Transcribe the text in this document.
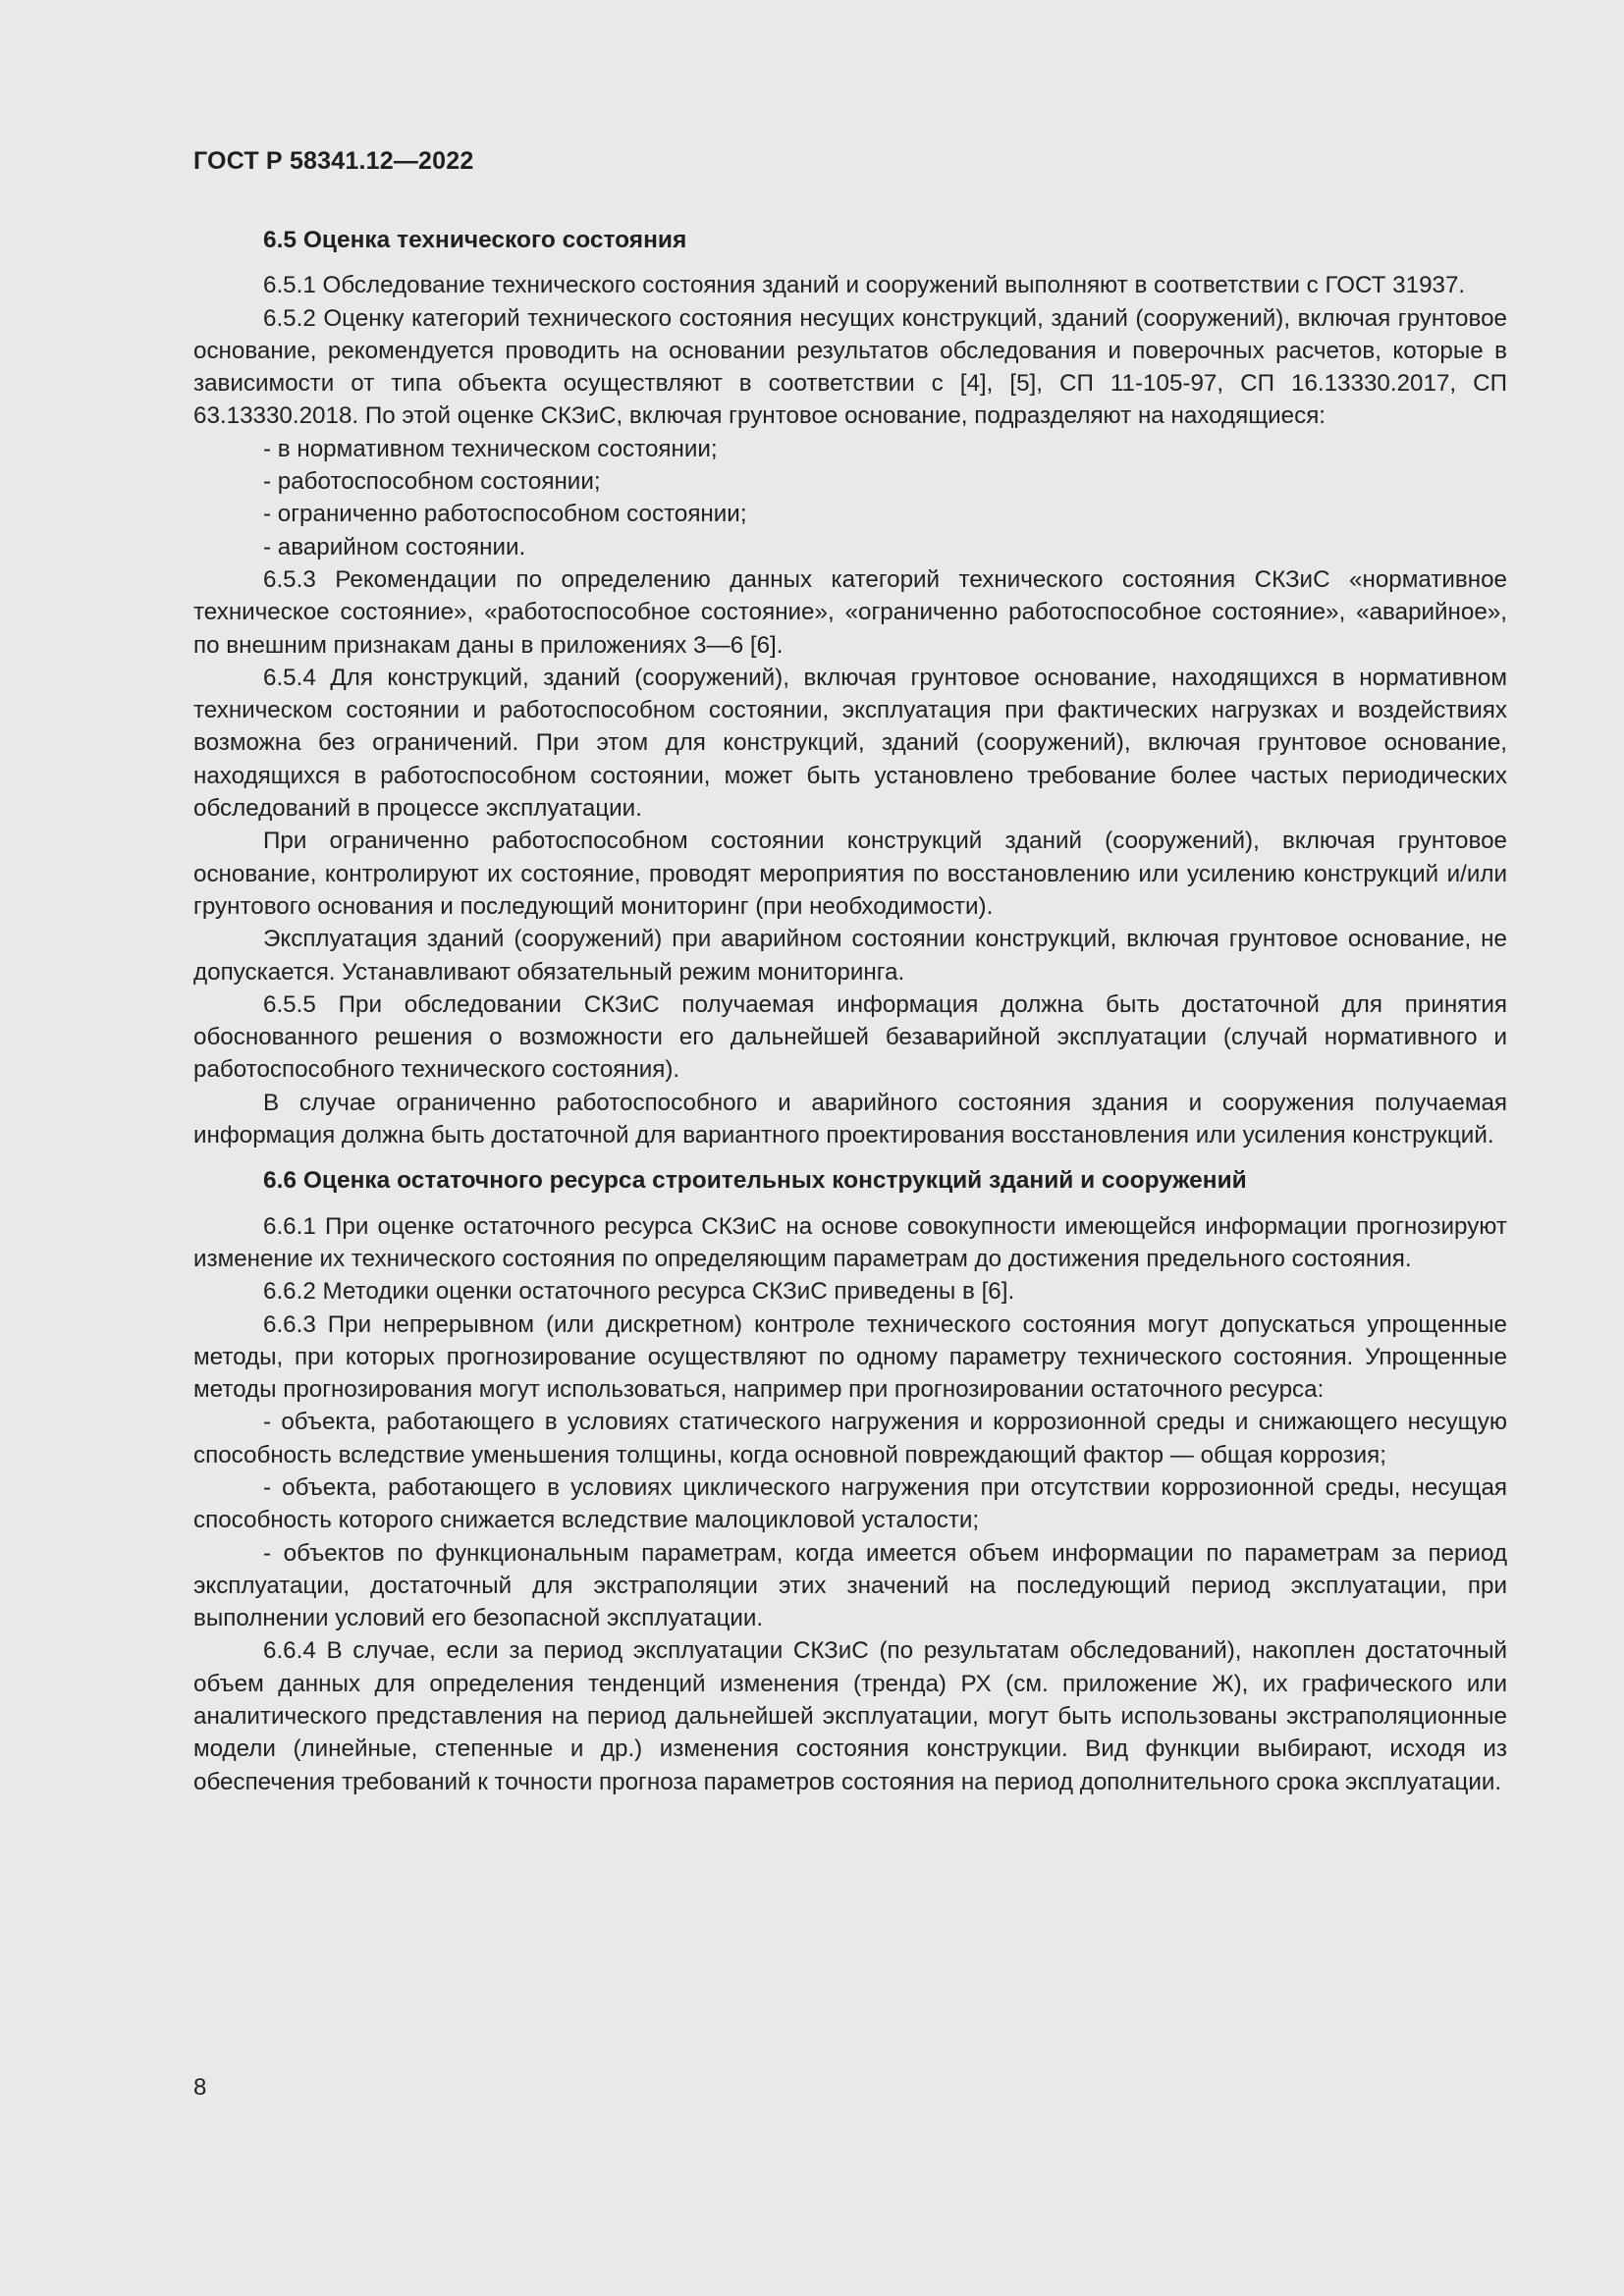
ГОСТ Р 58341.12—2022

6.5 Оценка технического состояния

6.5.1 Обследование технического состояния зданий и сооружений выполняют в соответствии с ГОСТ 31937.

6.5.2 Оценку категорий технического состояния несущих конструкций, зданий (сооружений), включая грунтовое основание, рекомендуется проводить на основании результатов обследования и поверочных расчетов, которые в зависимости от типа объекта осуществляют в соответствии с [4], [5], СП 11-105-97, СП 16.13330.2017, СП 63.13330.2018. По этой оценке СКЗиС, включая грунтовое основание, подразделяют на находящиеся:

- в нормативном техническом состоянии;

- работоспособном состоянии;

- ограниченно работоспособном состоянии;

- аварийном состоянии.

6.5.3 Рекомендации по определению данных категорий технического состояния СКЗиС «нормативное техническое состояние», «работоспособное состояние», «ограниченно работоспособное состояние», «аварийное», по внешним признакам даны в приложениях 3—6 [6].

6.5.4 Для конструкций, зданий (сооружений), включая грунтовое основание, находящихся в нормативном техническом состоянии и работоспособном состоянии, эксплуатация при фактических нагрузках и воздействиях возможна без ограничений. При этом для конструкций, зданий (сооружений), включая грунтовое основание, находящихся в работоспособном состоянии, может быть установлено требование более частых периодических обследований в процессе эксплуатации.

При ограниченно работоспособном состоянии конструкций зданий (сооружений), включая грунтовое основание, контролируют их состояние, проводят мероприятия по восстановлению или усилению конструкций и/или грунтового основания и последующий мониторинг (при необходимости).

Эксплуатация зданий (сооружений) при аварийном состоянии конструкций, включая грунтовое основание, не допускается. Устанавливают обязательный режим мониторинга.

6.5.5 При обследовании СКЗиС получаемая информация должна быть достаточной для принятия обоснованного решения о возможности его дальнейшей безаварийной эксплуатации (случай нормативного и работоспособного технического состояния).

В случае ограниченно работоспособного и аварийного состояния здания и сооружения получаемая информация должна быть достаточной для вариантного проектирования восстановления или усиления конструкций.

6.6 Оценка остаточного ресурса строительных конструкций зданий и сооружений

6.6.1 При оценке остаточного ресурса СКЗиС на основе совокупности имеющейся информации прогнозируют изменение их технического состояния по определяющим параметрам до достижения предельного состояния.

6.6.2 Методики оценки остаточного ресурса СКЗиС приведены в [6].

6.6.3 При непрерывном (или дискретном) контроле технического состояния могут допускаться упрощенные методы, при которых прогнозирование осуществляют по одному параметру технического состояния. Упрощенные методы прогнозирования могут использоваться, например при прогнозировании остаточного ресурса:

- объекта, работающего в условиях статического нагружения и коррозионной среды и снижающего несущую способность вследствие уменьшения толщины, когда основной повреждающий фактор — общая коррозия;

- объекта, работающего в условиях циклического нагружения при отсутствии коррозионной среды, несущая способность которого снижается вследствие малоцикловой усталости;

- объектов по функциональным параметрам, когда имеется объем информации по параметрам за период эксплуатации, достаточный для экстраполяции этих значений на последующий период эксплуатации, при выполнении условий его безопасной эксплуатации.

6.6.4 В случае, если за период эксплуатации СКЗиС (по результатам обследований), накоплен достаточный объем данных для определения тенденций изменения (тренда) РХ (см. приложение Ж), их графического или аналитического представления на период дальнейшей эксплуатации, могут быть использованы экстраполяционные модели (линейные, степенные и др.) изменения состояния конструкции. Вид функции выбирают, исходя из обеспечения требований к точности прогноза параметров состояния на период дополнительного срока эксплуатации.

8
